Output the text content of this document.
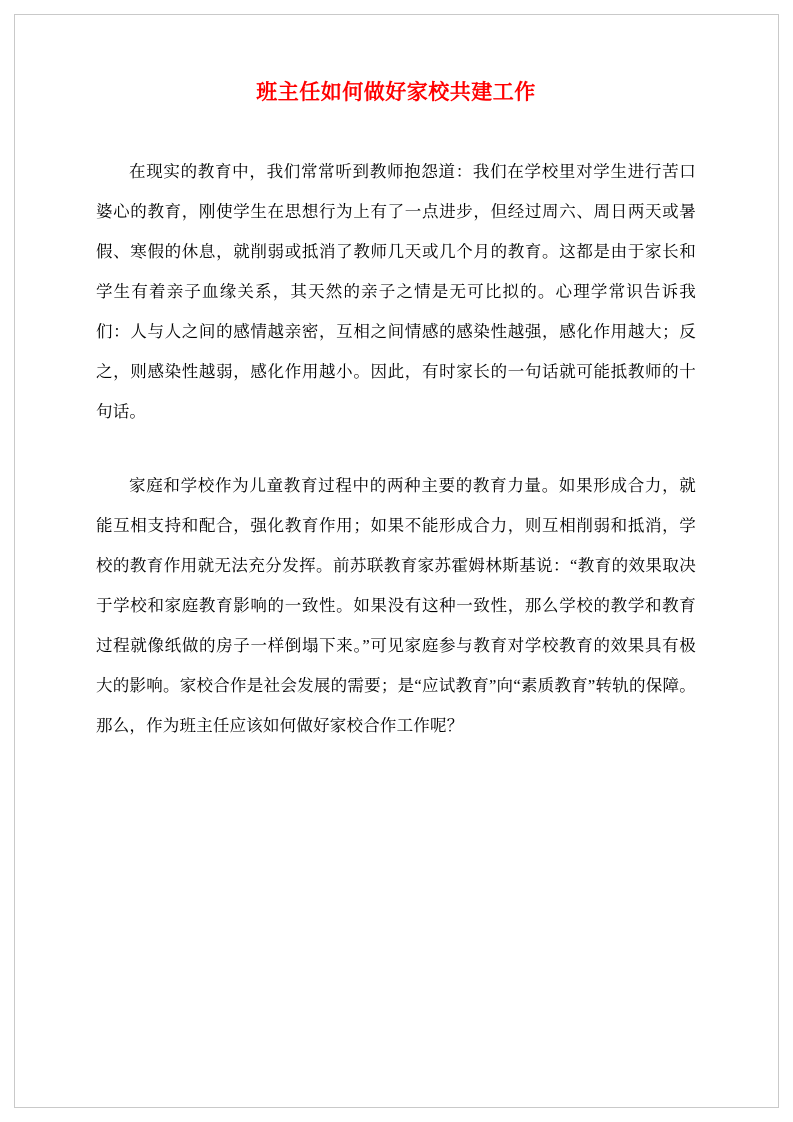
班主任如何做好家校共建工作

在现实的教育中，我们常常听到教师抱怨道：我们在学校里对学生进行苦口婆心的教育，刚使学生在思想行为上有了一点进步，但经过周六、周日两天或暑假、寒假的休息，就削弱或抵消了教师几天或几个月的教育。这都是由于家长和学生有着亲子血缘关系，其天然的亲子之情是无可比拟的。心理学常识告诉我们：人与人之间的感情越亲密，互相之间情感的感染性越强，感化作用越大；反之，则感染性越弱，感化作用越小。因此，有时家长的一句话就可能抵教师的十句话。

家庭和学校作为儿童教育过程中的两种主要的教育力量。如果形成合力，就能互相支持和配合，强化教育作用；如果不能形成合力，则互相削弱和抵消，学校的教育作用就无法充分发挥。前苏联教育家苏霍姆林斯基说：“教育的效果取决于学校和家庭教育影响的一致性。如果没有这种一致性，那么学校的教学和教育过程就像纸做的房子一样倒塌下来。”可见家庭参与教育对学校教育的效果具有极大的影响。家校合作是社会发展的需要；是“应试教育”向“素质教育”转轨的保障。那么，作为班主任应该如何做好家校合作工作呢？
